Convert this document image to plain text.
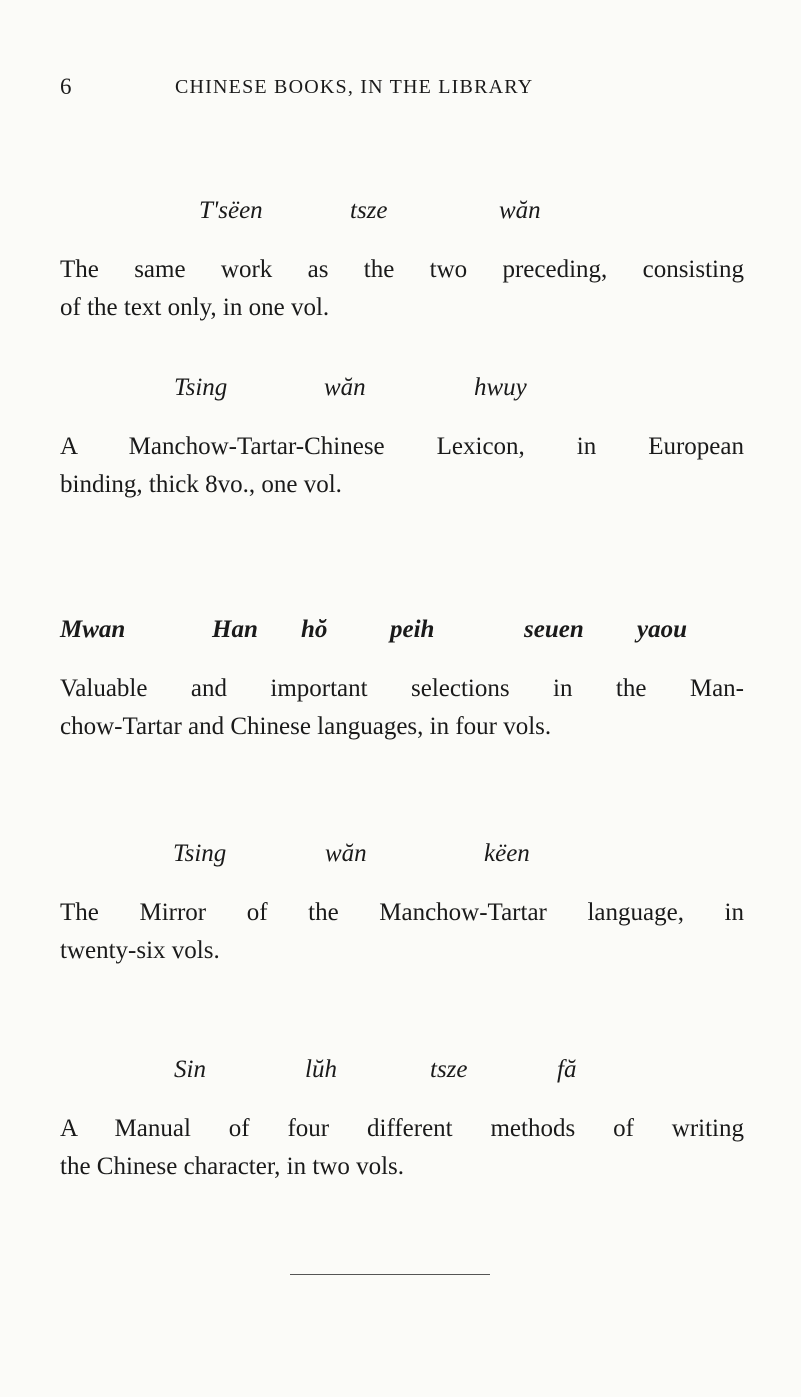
6	CHINESE BOOKS, IN THE LIBRARY
T'sëen	tsze	wăn
The same work as the two preceding, consisting
of the text only, in one vol.
Tsing	wăn	hwuy
A Manchow-Tartar-Chinese Lexicon, in European
binding, thick 8vo., one vol.
Mwan	Han hŏ	peih	seuen yaou
Valuable and important selections in the Man-
chow-Tartar and Chinese languages, in four vols.
Tsing	wăn	këen
The Mirror of the Manchow-Tartar language, in
twenty-six vols.
Sin	lŭh	tsze	fă
A Manual of four different methods of writing
the Chinese character, in two vols.
